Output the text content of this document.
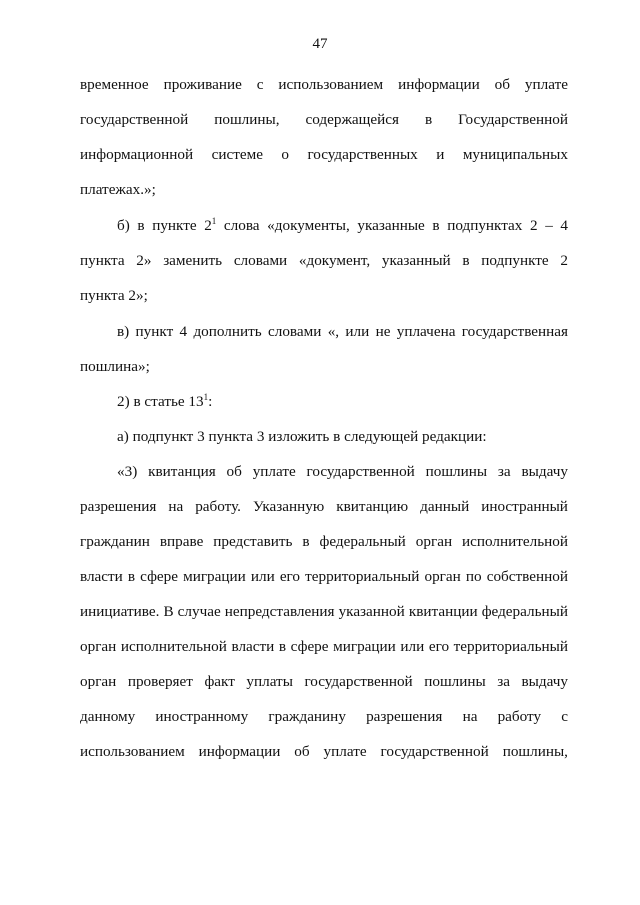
47
временное проживание с использованием информации об уплате
государственной пошлины, содержащейся в Государственной
информационной системе о государственных и муниципальных
платежах.»;
б) в пункте $2^1$ слова «документы, указанные в подпунктах 2 – 4
пункта 2» заменить словами «документ, указанный в подпункте 2
пункта 2»;
в) пункт 4 дополнить словами «, или не уплачена государственная
пошлина»;
2) в статье $13^1$:
а) подпункт 3 пункта 3 изложить в следующей редакции:
«3) квитанция об уплате государственной пошлины за выдачу
разрешения на работу. Указанную квитанцию данный иностранный
гражданин вправе представить в федеральный орган исполнительной
власти в сфере миграции или его территориальный орган по собственной
инициативе. В случае непредставления указанной квитанции федеральный
орган исполнительной власти в сфере миграции или его территориальный
орган проверяет факт уплаты государственной пошлины за выдачу
данному иностранному гражданину разрешения на работу с
использованием информации об уплате государственной пошлины,
